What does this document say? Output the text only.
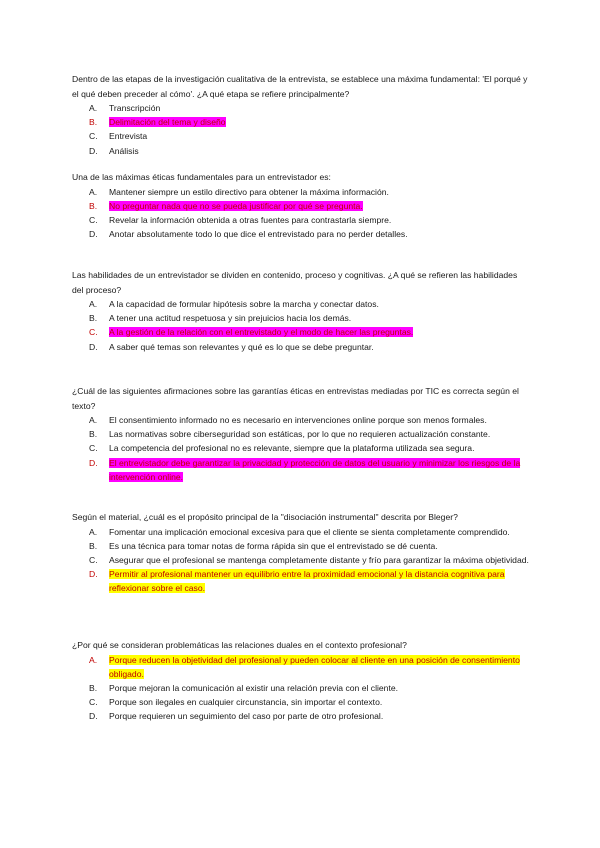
Dentro de las etapas de la investigación cualitativa de la entrevista, se establece una máxima fundamental: 'El porqué y el qué deben preceder al cómo'. ¿A qué etapa se refiere principalmente?

A. Transcripción
B. Delimitación del tema y diseño
C. Entrevista
D. Análisis

Una de las máximas éticas fundamentales para un entrevistador es:

A. Mantener siempre un estilo directivo para obtener la máxima información.
B. No preguntar nada que no se pueda justificar por qué se pregunta.
C. Revelar la información obtenida a otras fuentes para contrastarla siempre.
D. Anotar absolutamente todo lo que dice el entrevistado para no perder detalles.

Las habilidades de un entrevistador se dividen en contenido, proceso y cognitivas. ¿A qué se refieren las habilidades del proceso?

A. A la capacidad de formular hipótesis sobre la marcha y conectar datos.
B. A tener una actitud respetuosa y sin prejuicios hacia los demás.
C. A la gestión de la relación con el entrevistado y el modo de hacer las preguntas.
D. A saber qué temas son relevantes y qué es lo que se debe preguntar.

¿Cuál de las siguientes afirmaciones sobre las garantías éticas en entrevistas mediadas por TIC es correcta según el texto?

A. El consentimiento informado no es necesario en intervenciones online porque son menos formales.
B. Las normativas sobre ciberseguridad son estáticas, por lo que no requieren actualización constante.
C. La competencia del profesional no es relevante, siempre que la plataforma utilizada sea segura.
D. El entrevistador debe garantizar la privacidad y protección de datos del usuario y minimizar los riesgos de la intervención online.

Según el material, ¿cuál es el propósito principal de la "disociación instrumental" descrita por Bleger?

A. Fomentar una implicación emocional excesiva para que el cliente se sienta completamente comprendido.
B. Es una técnica para tomar notas de forma rápida sin que el entrevistado se dé cuenta.
C. Asegurar que el profesional se mantenga completamente distante y frío para garantizar la máxima objetividad.
D. Permitir al profesional mantener un equilibrio entre la proximidad emocional y la distancia cognitiva para reflexionar sobre el caso.

¿Por qué se consideran problemáticas las relaciones duales en el contexto profesional?

A. Porque reducen la objetividad del profesional y pueden colocar al cliente en una posición de consentimiento obligado.
B. Porque mejoran la comunicación al existir una relación previa con el cliente.
C. Porque son ilegales en cualquier circunstancia, sin importar el contexto.
D. Porque requieren un seguimiento del caso por parte de otro profesional.
